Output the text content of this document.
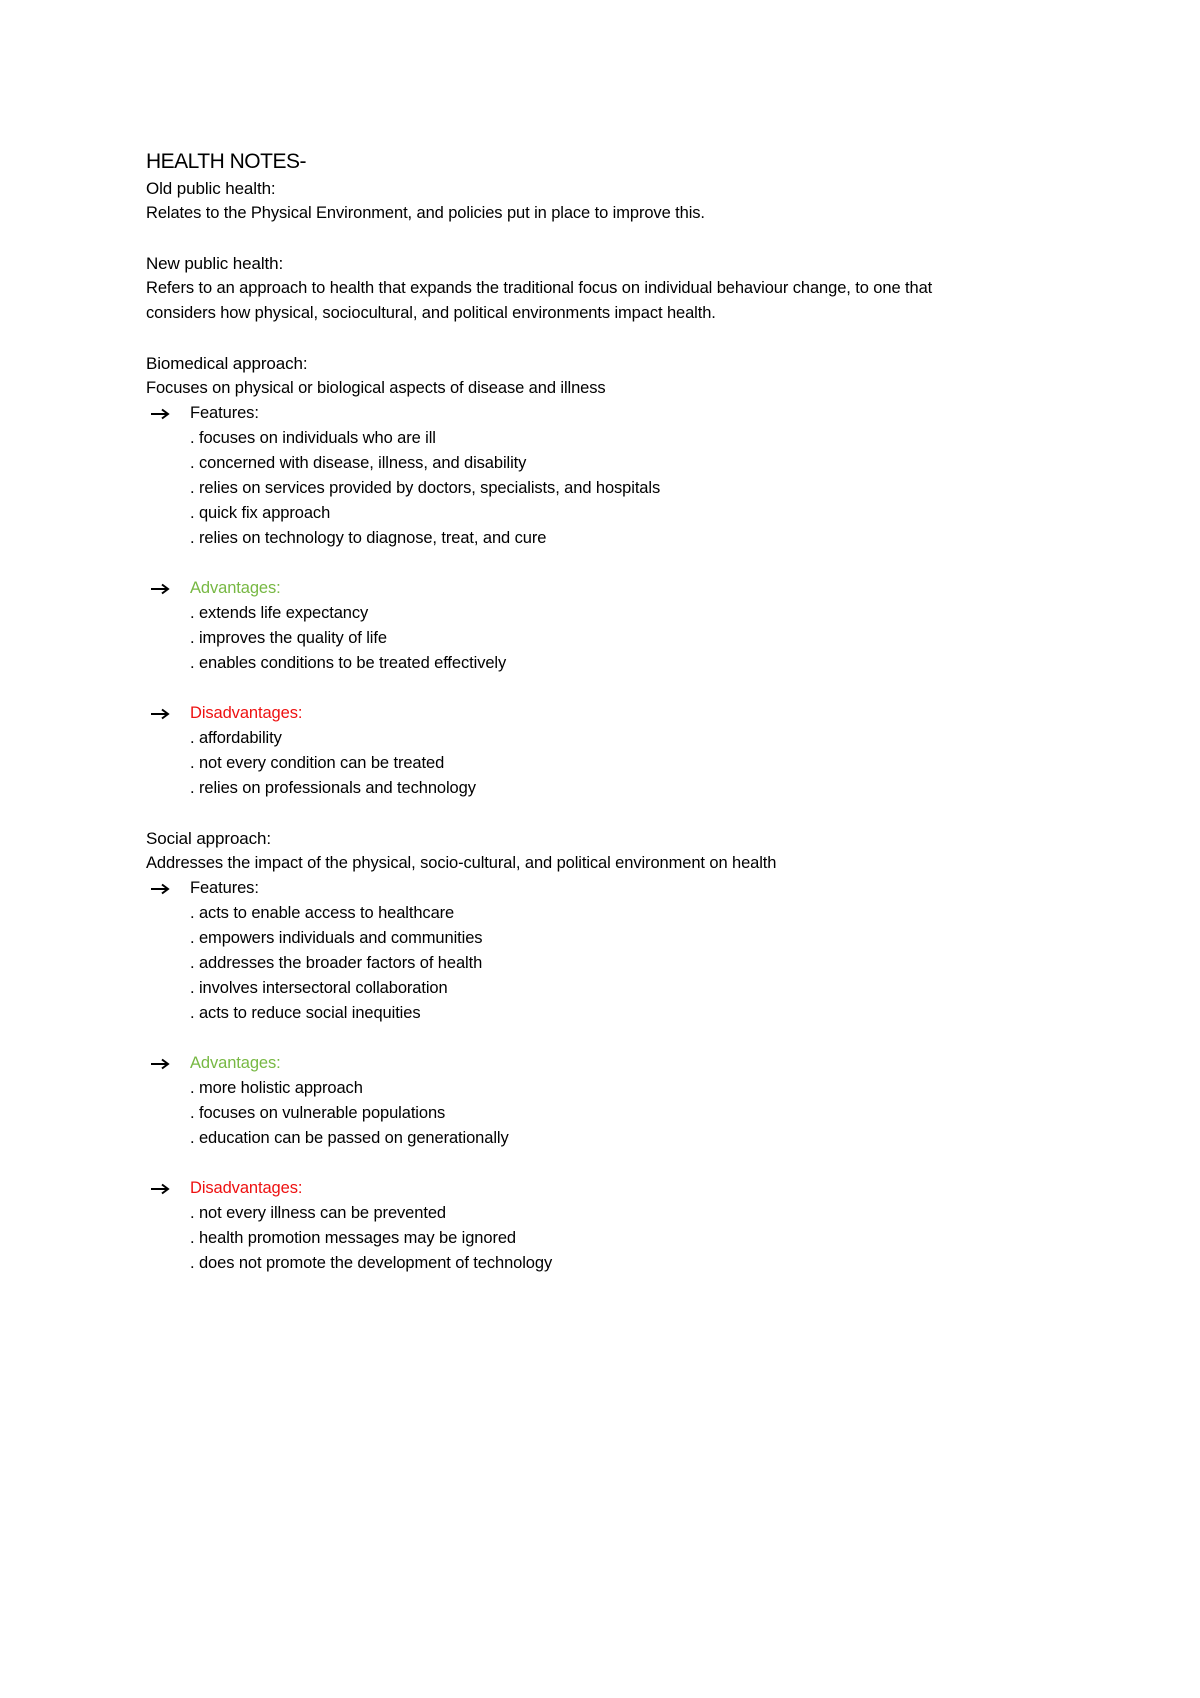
HEALTH NOTES-
Old public health:
Relates to the Physical Environment, and policies put in place to improve this.
New public health:
Refers to an approach to health that expands the traditional focus on individual behaviour change, to one that
considers how physical, sociocultural, and political environments impact health.
Biomedical approach:
Focuses on physical or biological aspects of disease and illness
Features:
. focuses on individuals who are ill
. concerned with disease, illness, and disability
. relies on services provided by doctors, specialists, and hospitals
. quick fix approach
. relies on technology to diagnose, treat, and cure
Advantages:
. extends life expectancy
. improves the quality of life
. enables conditions to be treated effectively
Disadvantages:
. affordability
. not every condition can be treated
. relies on professionals and technology
Social approach:
Addresses the impact of the physical, socio-cultural, and political environment on health
Features:
. acts to enable access to healthcare
. empowers individuals and communities
. addresses the broader factors of health
. involves intersectoral collaboration
. acts to reduce social inequities
Advantages:
. more holistic approach
. focuses on vulnerable populations
. education can be passed on generationally
Disadvantages:
. not every illness can be prevented
. health promotion messages may be ignored
. does not promote the development of technology
